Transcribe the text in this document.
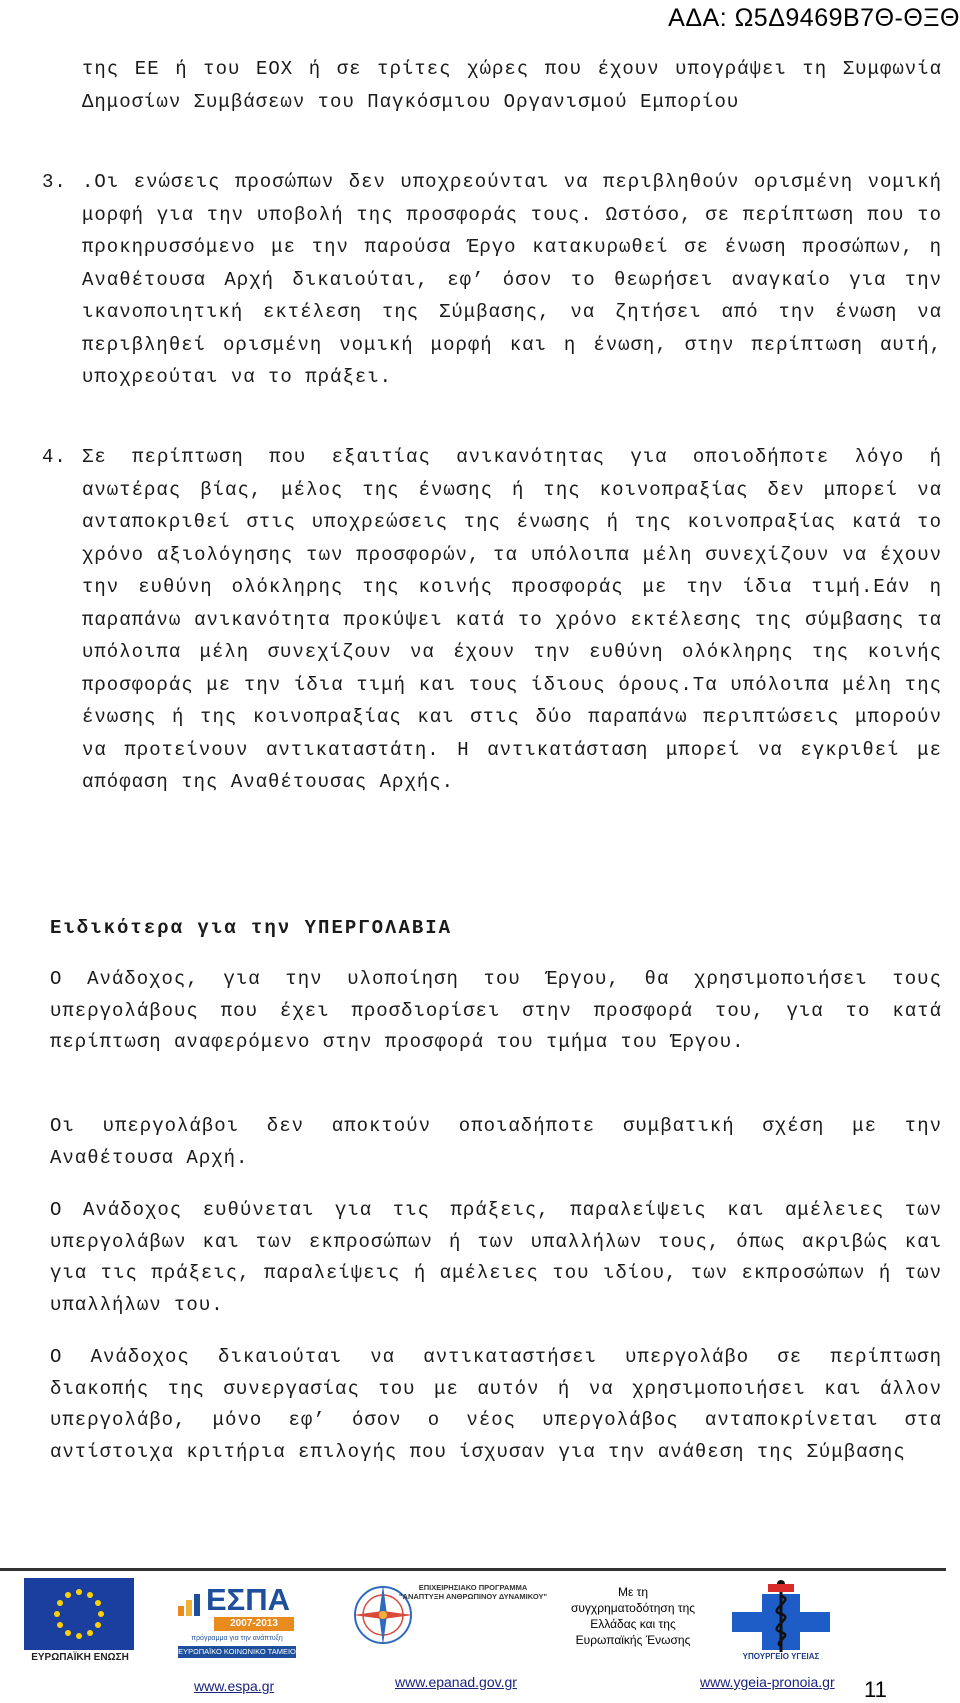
ΑΔΑ: Ω5Δ9469Β7Θ-ΘΞΘ
της ΕΕ ή του ΕΟΧ ή σε τρίτες χώρες που έχουν υπογράψει τη Συμφωνία Δημοσίων Συμβάσεων του Παγκόσμιου Οργανισμού Εμπορίου
3. .Οι ενώσεις προσώπων δεν υποχρεούνται να περιβληθούν ορισμένη νομική μορφή για την υποβολή της προσφοράς τους. Ωστόσο, σε περίπτωση που το προκηρυσσόμενο με την παρούσα Έργο κατακυρωθεί σε ένωση προσώπων, η Αναθέτουσα Αρχή δικαιούται, εφ’ όσον το θεωρήσει αναγκαίο για την ικανοποιητική εκτέλεση της Σύμβασης, να ζητήσει από την ένωση να περιβληθεί ορισμένη νομική μορφή και η ένωση, στην περίπτωση αυτή, υποχρεούται να το πράξει.
4. Σε περίπτωση που εξαιτίας ανικανότητας για οποιοδήποτε λόγο ή ανωτέρας βίας, μέλος της ένωσης ή της κοινοπραξίας δεν μπορεί να ανταποκριθεί στις υποχρεώσεις της ένωσης ή της κοινοπραξίας κατά το χρόνο αξιολόγησης των προσφορών, τα υπόλοιπα μέλη συνεχίζουν να έχουν την ευθύνη ολόκληρης της κοινής προσφοράς με την ίδια τιμή.Εάν η παραπάνω ανικανότητα προκύψει κατά το χρόνο εκτέλεσης της σύμβασης τα υπόλοιπα μέλη συνεχίζουν να έχουν την ευθύνη ολόκληρης της κοινής προσφοράς με την ίδια τιμή και τους ίδιους όρους.Τα υπόλοιπα μέλη της ένωσης ή της κοινοπραξίας και στις δύο παραπάνω περιπτώσεις μπορούν να προτείνουν αντικαταστάτη. Η αντικατάσταση μπορεί να εγκριθεί με απόφαση της Αναθέτουσας Αρχής.
Ειδικότερα για την ΥΠΕΡΓΟΛΑΒΙΑ
Ο Ανάδοχος, για την υλοποίηση του Έργου, θα χρησιμοποιήσει τους υπεργολάβους που έχει προσδιορίσει στην προσφορά του, για το κατά περίπτωση αναφερόμενο στην προσφορά του τμήμα του Έργου.
Οι υπεργολάβοι δεν αποκτούν οποιαδήποτε συμβατική σχέση με την Αναθέτουσα Αρχή.
Ο Ανάδοχος ευθύνεται για τις πράξεις, παραλείψεις και αμέλειες των υπεργολάβων και των εκπροσώπων ή των υπαλλήλων τους, όπως ακριβώς και για τις πράξεις, παραλείψεις ή αμέλειες του ιδίου, των εκπροσώπων ή των υπαλλήλων του.
Ο Ανάδοχος δικαιούται να αντικαταστήσει υπεργολάβο σε περίπτωση διακοπής της συνεργασίας του με αυτόν ή να χρησιμοποιήσει και άλλον υπεργολάβο, μόνο εφ’ όσον ο νέος υπεργολάβος ανταποκρίνεται στα αντίστοιχα κριτήρια επιλογής που ίσχυσαν για την ανάθεση της Σύμβασης
ΕΥΡΩΠΑΪΚΗ ΕΝΩΣΗ
ΕΣΠΑ
2007-2013
πρόγραμμα για την ανάπτυξη
ΕΥΡΩΠΑΪΚΟ ΚΟΙΝΩΝΙΚΟ ΤΑΜΕΙΟ
ΕΠΙΧΕΙΡΗΣΙΑΚΟ ΠΡΟΓΡΑΜΜΑ "ΑΝΑΠΤΥΞΗ ΑΝΘΡΩΠΙΝΟΥ ΔΥΝΑΜΙΚΟΥ"	Με τη συγχρηματοδότηση της Ελλάδας και της Ευρωπαϊκής Ένωσης
ΥΠΟΥΡΓΕΙΟ ΥΓΕΙΑΣ
www.espa.gr	www.epanad.gov.gr	www.ygeia-pronoia.gr 11
